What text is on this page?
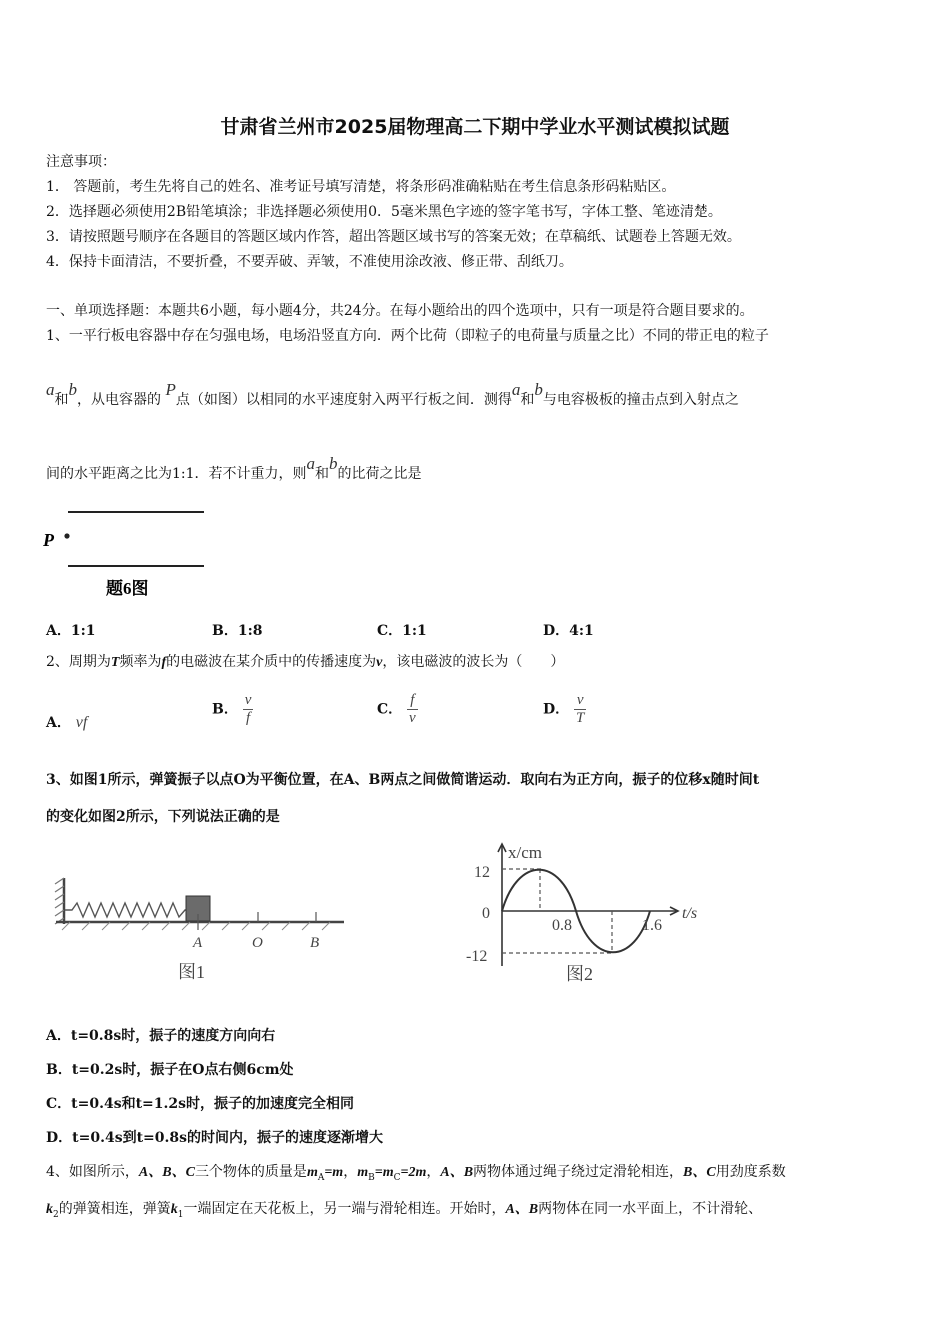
甘肃省兰州市2025届物理高二下期中学业水平测试模拟试题
注意事项：
1． 答题前，考生先将自己的姓名、准考证号填写清楚，将条形码准确粘贴在考生信息条形码粘贴区。
2．选择题必须使用2B铅笔填涂；非选择题必须使用0．5毫米黑色字迹的签字笔书写，字体工整、笔迹清楚。
3．请按照题号顺序在各题目的答题区域内作答，超出答题区域书写的答案无效；在草稿纸、试题卷上答题无效。
4．保持卡面清洁，不要折叠，不要弄破、弄皱，不准使用涂改液、修正带、刮纸刀。
一、单项选择题：本题共6小题，每小题4分，共24分。在每小题给出的四个选项中，只有一项是符合题目要求的。
1、一平行板电容器中存在匀强电场，电场沿竖直方向．两个比荷（即粒子的电荷量与质量之比）不同的带正电的粒子
a和b，从电容器的 P点（如图）以相同的水平速度射入两平行板之间．测得a和b与电容极板的撞击点到入射点之
间的水平距离之比为1:1．若不计重力，则a和b的比荷之比是
P
题6图
A．1:1	B．1:8	C．1:1	D．4:1
2、周期为T频率为f的电磁波在某介质中的传播速度为v，该电磁波的波长为（　　）
A． vf
B． $\frac{v}{f}$	C． $\frac{f}{v}$	D． $\frac{v}{T}$
3、如图1所示，弹簧振子以点O为平衡位置，在A、B两点之间做简谐运动．取向右为正方向，振子的位移x随时间t
的变化如图2所示，下列说法正确的是
A	O	B
图1
x/cm
t/s
12
0
-12
0.8	1.6
图2
A．t=0.8s时，振子的速度方向向右
B．t=0.2s时，振子在O点右侧6cm处
C．t=0.4s和t=1.2s时，振子的加速度完全相同
D．t=0.4s到t=0.8s的时间内，振子的速度逐渐增大
4、如图所示，A、B、C三个物体的质量是$m_A=m$，$m_B=m_C=2m$，A、B两物体通过绳子绕过定滑轮相连，B、C用劲度系数
$k_2$的弹簧相连，弹簧$k_1$一端固定在天花板上，另一端与滑轮相连。开始时，A、B两物体在同一水平面上，不计滑轮、
